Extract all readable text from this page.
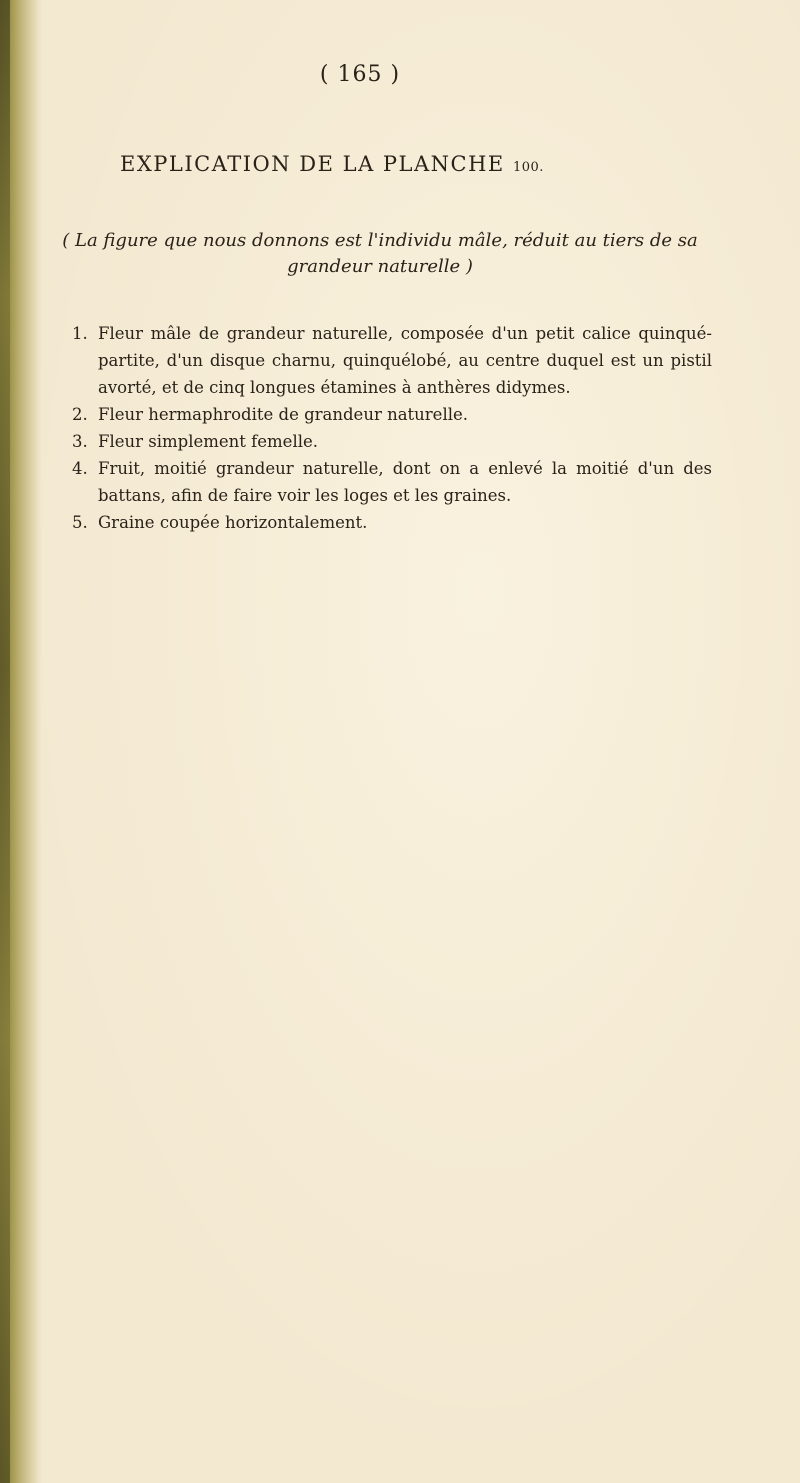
( 165 )
EXPLICATION DE LA PLANCHE 100.
( La figure que nous donnons est l'individu mâle, réduit au tiers de sa
grandeur naturelle )
1. Fleur mâle de grandeur naturelle, composée d'un petit calice quinqué-partite, d'un disque charnu, quinquélobé, au centre duquel est un pistil avorté, et de cinq longues étamines à anthères didymes.
2. Fleur hermaphrodite de grandeur naturelle.
3. Fleur simplement femelle.
4. Fruit, moitié grandeur naturelle, dont on a enlevé la moitié d'un des battans, afin de faire voir les loges et les graines.
5. Graine coupée horizontalement.
